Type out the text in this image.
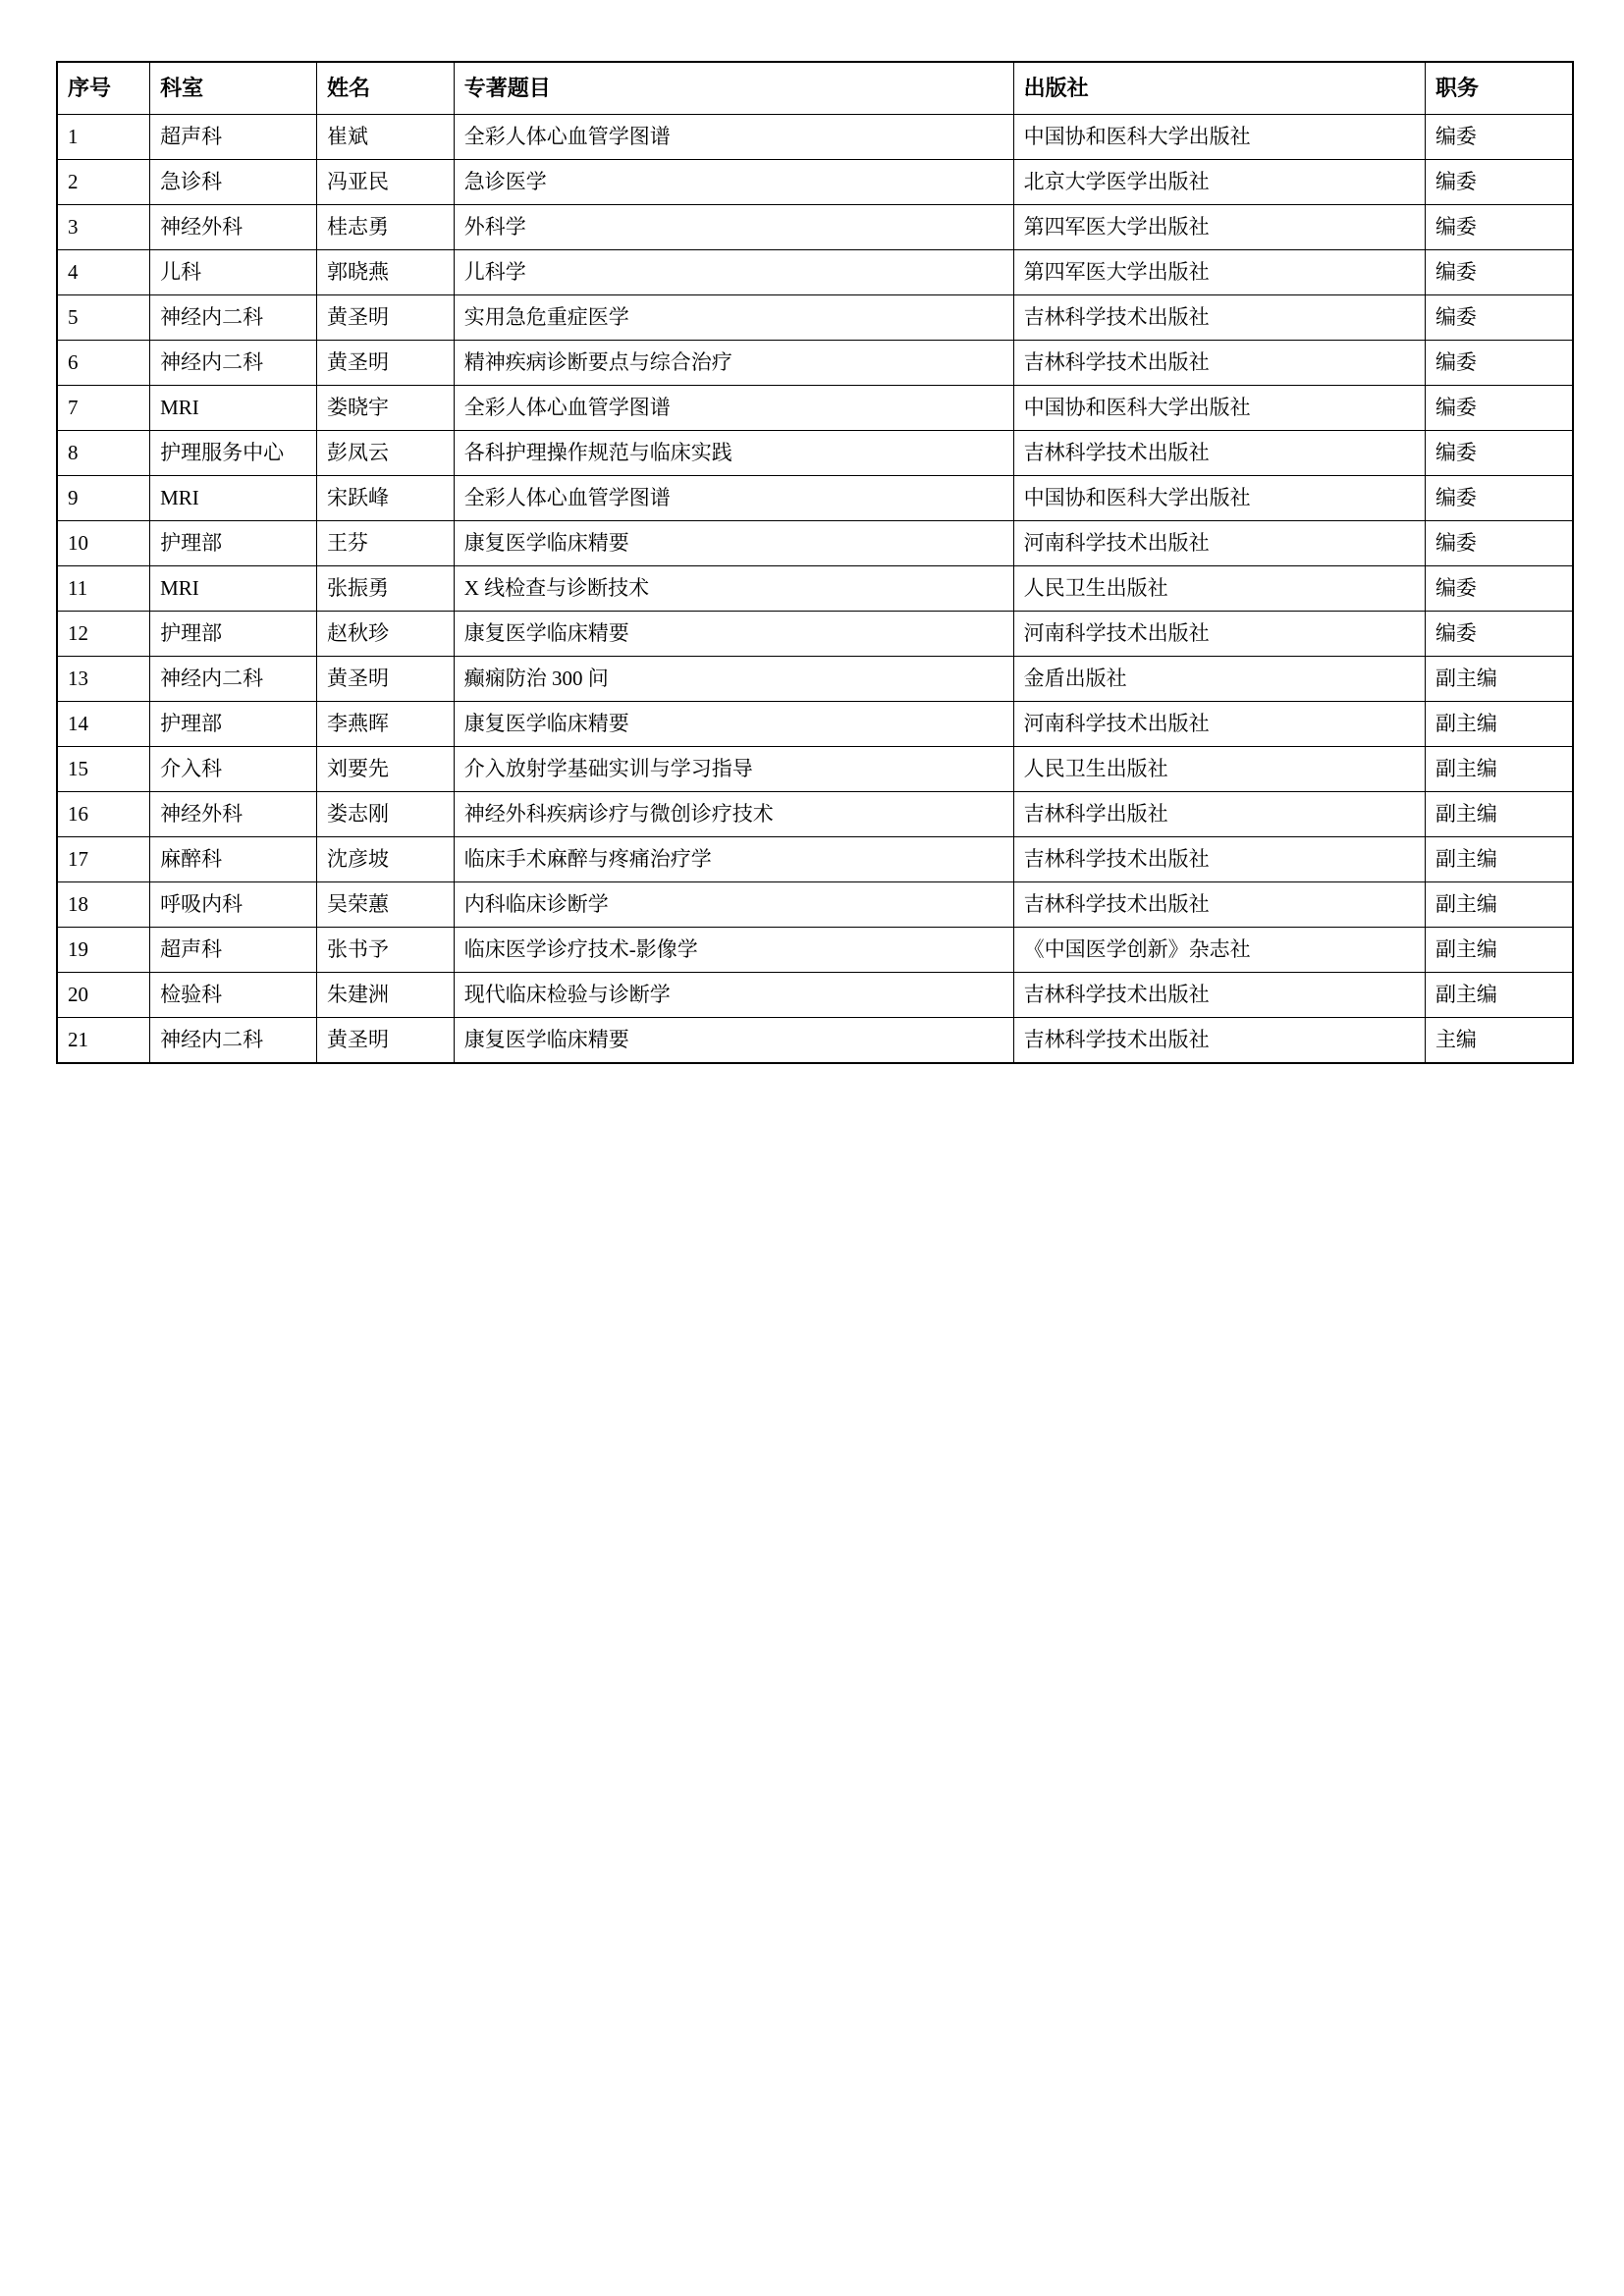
序号	科室	姓名	专著题目	出版社	职务
1	超声科	崔斌	全彩人体心血管学图谱	中国协和医科大学出版社	编委
2	急诊科	冯亚民	急诊医学	北京大学医学出版社	编委
3	神经外科	桂志勇	外科学	第四军医大学出版社	编委
4	儿科	郭晓燕	儿科学	第四军医大学出版社	编委
5	神经内二科	黄圣明	实用急危重症医学	吉林科学技术出版社	编委
6	神经内二科	黄圣明	精神疾病诊断要点与综合治疗	吉林科学技术出版社	编委
7	MRI	娄晓宇	全彩人体心血管学图谱	中国协和医科大学出版社	编委
8	护理服务中心	彭凤云	各科护理操作规范与临床实践	吉林科学技术出版社	编委
9	MRI	宋跃峰	全彩人体心血管学图谱	中国协和医科大学出版社	编委
10	护理部	王芬	康复医学临床精要	河南科学技术出版社	编委
11	MRI	张振勇	X 线检查与诊断技术	人民卫生出版社	编委
12	护理部	赵秋珍	康复医学临床精要	河南科学技术出版社	编委
13	神经内二科	黄圣明	癫痫防治 300 问	金盾出版社	副主编
14	护理部	李燕晖	康复医学临床精要	河南科学技术出版社	副主编
15	介入科	刘要先	介入放射学基础实训与学习指导	人民卫生出版社	副主编
16	神经外科	娄志刚	神经外科疾病诊疗与微创诊疗技术	吉林科学出版社	副主编
17	麻醉科	沈彦坡	临床手术麻醉与疼痛治疗学	吉林科学技术出版社	副主编
18	呼吸内科	吴荣蕙	内科临床诊断学	吉林科学技术出版社	副主编
19	超声科	张书予	临床医学诊疗技术-影像学	《中国医学创新》杂志社	副主编
20	检验科	朱建洲	现代临床检验与诊断学	吉林科学技术出版社	副主编
21	神经内二科	黄圣明	康复医学临床精要	吉林科学技术出版社	主编
